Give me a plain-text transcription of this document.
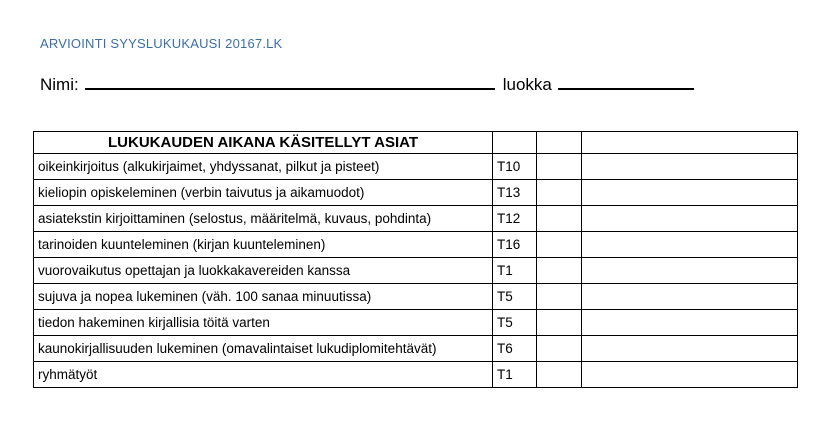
ARVIOINTI SYYSLUKUKAUSI 20167.LK
Nimi:	luokka
LUKUKAUDEN AIKANA KÄSITELLYT ASIAT			
oikeinkirjoitus (alkukirjaimet, yhdyssanat, pilkut ja pisteet)	T10		
kieliopin opiskeleminen (verbin taivutus ja aikamuodot)	T13		
asiatekstin kirjoittaminen (selostus, määritelmä, kuvaus, pohdinta)	T12		
tarinoiden kuunteleminen (kirjan kuunteleminen)	T16		
vuorovaikutus opettajan ja luokkakavereiden kanssa	T1		
sujuva ja nopea lukeminen (väh. 100 sanaa minuutissa)	T5		
tiedon hakeminen kirjallisia töitä varten	T5		
kaunokirjallisuuden lukeminen (omavalintaiset lukudiplomitehtävät)	T6		
ryhmätyöt	T1		
